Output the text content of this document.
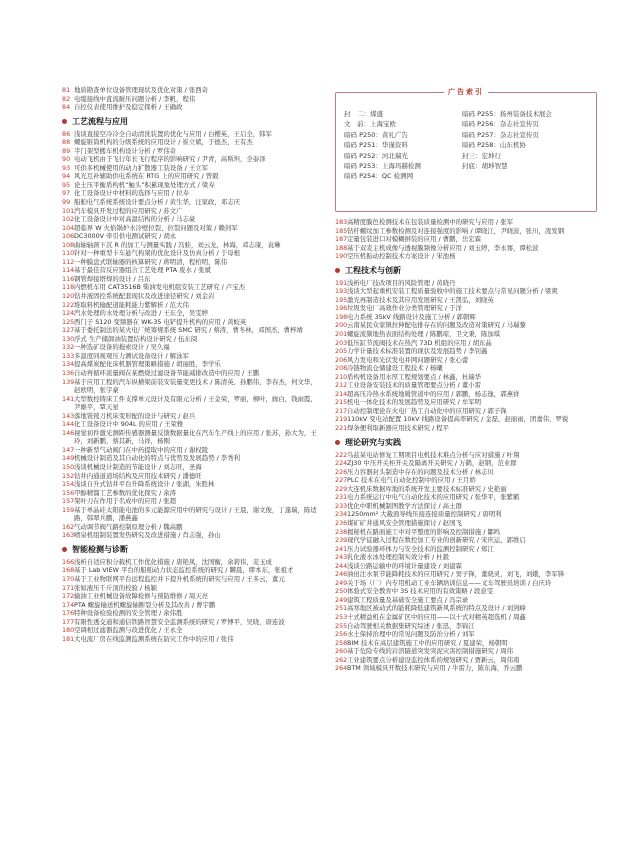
81 地质勘查单位设备管理现状及优化对策 / 张西奇
82 电缆接线中直流耐压问题分析 / 李帆，程伟
84 自控仪表使用维护及稳定探析 / 王确政
工艺流程与应用
86 浅谈直接空冷冷全自动清洗装置的优化与应用 / 白樱英，王启全，韩军
88 螺旋锥筒机构的分级系统的应用设计 / 崔立斌，于德杰，王有杰
89 半门架型搬车机构设计分析 / 罗伟奇
90 电动飞机由于飞行年长飞行程序的影响研究 / 尹青，高斯坦，全泰泽
93 可供多机械使用的动力扩散器工装设备 / 王立军
94 风光互补辅助供电系统在 RTG 上的应用研究 / 曾毅
95 论土压平衡盾构机“触头”积累现象处理方式 / 梁寿
97 化工设备设计中材料的选择与应用 / 拉寿
99 船舶电气系统系统设计要点分析 / 黄生华，汪家政，邓志庆
101 汽车模具开发过程的应用研究 / 苏文广
102 化工设备设计中对高温结构的分析 / 马志豪
104 超临界 W 火焰锅炉水冷壁拉裂、拉裂问题及对策 / 赖剑军
106 DC3000V 牵引供电测试研究 / 胡永
108 曲轴轴颈下沉 R 的加工与测量实践 / 冯蛙，刘云龙，林海，邓志康，袁琳
110 针对一种重型卡车悬气构架的优化设计及仿真分析 / 于母根
112 一种膜盘式联轴器的核算研究 / 蒋明清，程柏明，陈伟
114 基于最佳营反应器组合工艺处理 PTA 废水 / 张斌
116 钢管焊接塔焊的设计 / 吕东
118 内燃机车用 CAT3516B 柴油发电机组安装工艺研究 / 卢宝杰
120 钻井液固控系统配套现状及改进途径研究 / 刘金岩
122 堆取料机输配道能耗能力紫解析 / 范大伟
124 汽水处理的水处理分析与改进 / 王东全，吴雯婷
125 西门子 S120 变频器在 WK-35 电铲提升机构的应用 / 黄蛟英
127 基于委托制法的某火电厂统筹规系统 SMC 研究 / 蔡涛，曹冬林，邓国杰，曹梓靖
130 浮式 生产储卸油装置结构设计研究 / 伍东阅
132 一种选矿设备的拖索设计 / 吴久福
133 多温度同视观压力测试设备设计 / 解泳军
134 提高煤炭配化床机器管理策略措施 / 胡丽胜，李学乐
136 自动再循环流量阀在某燃烧过滤设备节能减排改造中的应用 / 王鹏
139 基于应用工程的汽车纵横梁前装安装量变更技术 / 陈清英，孙鹏伟，李春杰，何文华，赵欧明，张宇豪
141 大型数控铸床工件支撑单元设计及有限元分析 / 王金荣，罗丽，柳叶，廊白，钱雨霞，尹雄平，覃天星
143 落地铣镗刀机床变形配的设计与研究 / 赵兵
144 化工设备设计中 904L 的应用 / 王荣雅
146 视觉初件激光测距传感器测量反馈数据量化在汽车生产线上的应用 / 张苏，孙大为，王玲，刘新鹏，蔡其新，马祥，杨刚
147 一种新型气动阀门在中药提取中的应用 / 谢权陵
149 机械设计制造及其自动化的特点与优势及发展趋势 / 李秀利
150 浅谈机械设计制造的节能设计 / 刘志旺，圣海
152 钻井内通道道场结构及应用技术研究 / 潘德旺
154 浅谈自升式钻井平台升降系统设计 / 张湖，朱胜林
156 甲醇精馏工艺参数的优化探究 / 余涛
157 架叶刀在作用于名成中的应用 / 张超
159 基于单晶硅太阳能电池的多元能源应用中的研究与设计 / 王晨，谢文俊，丁蓬瑞，陈适路，韩翠兵鹏，潘燕鑫
162 气动调节阀气路控制原理分析 / 魏高鹏
163 喷泉机组制装置发热研究及改进措施 / 肖志强，孙山
智能检测与诊断
166 浅析自适应积分载机工作优化措施 / 唐艳凤，沈国衡，余碧伟，麦玉成
168 基于 Lab VIEW 平台的船舶动力状态监控系统的研究 / 瞒晨，缪本东，张祖才
170 基于工业物联网平台远程监控并下提升机系统的研究与应用 / 王多云，董元
171 张如液压千斤顶的校验 / 杨颖
172 输油工业机械设备故障检修与预防维修 / 周天亮
174 PTA 螺旋输送机螺旋轴断裂分析及其改善 / 曹宇鹏
176 特种设备检验检测的安全管理 / 余伟胜
177 有限性透交通和通信铁路智慧安全监测系统的研究 / 罗博平，吴晓，唐连波
180 空调相过滤器监测与改进优化 / 王永全
181 大电流厂房在线监测监测系统在防灾工作中的应用 / 张伟
广告索引
封　二：煤盛	暗码 P255：扬州装备技术展会
文　前：上海宝欧	暗码 P256：杂志社宣传页
暗码 P250：黄礼广告	暗码 P257：杂志社宣传页
暗码 P251：华谨资料	暗码 P258：山东机协
暗码 P252：河北瑞光	封三：宏坤行
暗码 P253：上海玛赫检测	封底：胡坤智慧
暗码 P254：QC 检测网
183 高精度膜色检测技术在包装质量检测中的研究与应用 / 张军
185 钻杆螺纹加工参数检测及对连接强度的影响 / 谭晓江，尹晓波，张川，凌发钢
187 定量包装进口对模糊拼装的应用 / 曹鹏，岳宏霖
188 基于双麦主机成像与透视膜频像分析应用 / 刘玉婷，李永骞，谭松波
190 空压机振动控制技术方案设计 / 宋池杨
工程技术与创新
191 浅析电厂技改项目的风险管理 / 黄晓丹
193 浅谈大型起重机安装工程质量验收中的施工技术要点与常见问题分析 / 梁爽
195 激光再制造技术及其应用发展研究 / 王凯弘，刘晓英
196 垃圾发电厂高效作业分类管理研究 / 于洋
198 电力系统 35kV 线路设计及施工分析 / 郭朝辉
200 云南某民众家镇拉伸配电排存在的问题及改造对策研究 / 马瑞黎
201 螺旋流频地热表面结构处理 / 陈鹏琼，卫文秉，陈加琪
203 低压缸节流阀技术在热汽 73D 机组的应用 / 胡东晶
205 力学计量技术标准装置的现状及发展趋势 / 李钊鑫
206 风力发电和光伏发电并网问题研究 / 张心蕾
208 冷链物流仓储建设工程技术 / 杨曦
210 盾构机设备用水厚工程规划要点 / 林鑫，杜瑞华
212 工业设备安装技术的质量管理要点分析 / 董小雷
214 超高压冷热水系统地暖管道中的应用 / 郭鹏，杨志逸，郭燕祥
215 机电一体化技术的发展趋势及应用研究 / 牟军明
217 自动控制理论在火电厂热工自动化中的应用研究 / 郭子锋
219 110kV 变电站配置 10kV 线路设备提高率研究 / 金磊，赵丽雨，团嘉伟，罗锐
221 焊条便利取新器应用技术研究 / 程平
理论研究与实践
222 乌兹某电站修复工期项目电机技术难点分析与应对措施 / 叶翔
224 ZJ30 中压开关柜开关及隔离开关研究 / 万鹤，赵钢，范业群
226 压力容器封头制造中存在的问题及技术分析 / 林志贝
227 PLC 技术在电气自动化控制中的应用 / 王月娇
229 大连机床数据库地的系统开发主要技术标准研究 / 史艳丽
231 电力系统运行中电气自动化技术的应用研究 / 张华平，张紫鹤
233 优化中职机械制图教学方法探讨 / 高士群
234 1250mm² 大截面导线压接连接质量控制研究 / 唐明利
236 煤矿矿井通风安全管理措施探讨 / 赵国飞
238 揭秘机在路面施工中对平整度的影响及控制措施 / 鄒鸣
239 现代学徒融入过程在数控加工专业的创新研究 / 宋庆运，郭维启
241 压力试验器环体力与安全技术的监测控制研究 / 郑江
243 乳化液水冰处理控制实效分析 / 杜毅
244 浅谈公路运输中的环境计量建设 / 刘建霖
246 油田注水泵节能降耗技术的应用研究 / 窦子锋，董晓灵，刘飞，刘娥，李军锋
249 关于场（厂）内专用机动工业车辆培训信息——叉车驾驶员培训 / 白庆玲
250 体验式安全教育中 3S 技术应用的有效策略 / 段意雯
249 建筑工程质量及基础安全施工要点 / 冯宗录
251 高寒地区被动式的能耗降低建筑新风系统的特点及设计 / 刘剑峰
253 十式精益机在金属矿区中的应用——以十式对精英超选机 / 周鑫
255 自动驾驶相关数据集研究综述 / 张迅，李锦江
256 水土保持治理中的常见问题及防治分析 / 刘军
258 BIM 技术在高层建筑施工中的应用研究 / 夏建荣，杨朝明
260 基于危险专线的岩溶隧道突发突泥灾害控制措施研究 / 周伟
262 工业建筑要点分析建设监控体系的规划研究 / 贾新云，周伟南
264 BTM 领域模具开数技术研究与应用 / 牛雷力，陈东海，乔云鹏
